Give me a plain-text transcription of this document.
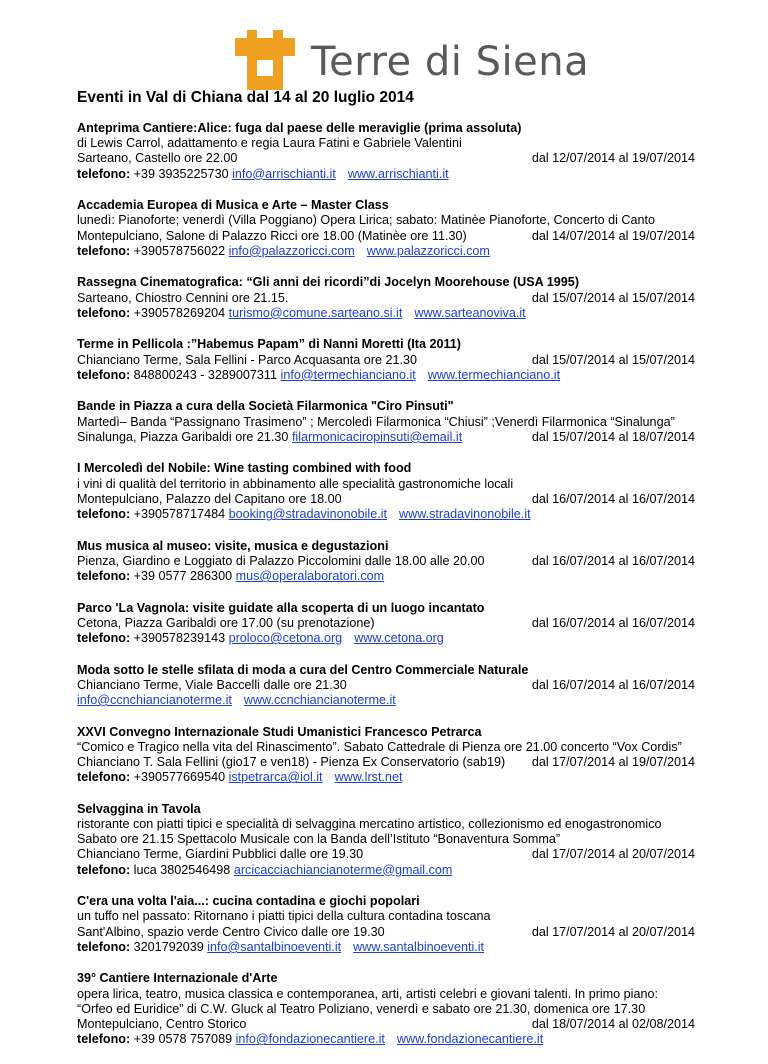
Terre di Siena
Eventi in Val di Chiana dal 14 al 20 luglio 2014
Anteprima Cantiere:Alice: fuga dal paese delle meraviglie (prima assoluta)
di Lewis Carrol, adattamento e regia Laura Fatini e Gabriele Valentini
Sarteano, Castello ore 22.00	dal 12/07/2014 al 19/07/2014
telefono: +39 3935225730 info@arrischianti.it www.arrischianti.it
Accademia Europea di Musica e Arte – Master Class
lunedì: Pianoforte; venerdì (Villa Poggiano) Opera Lirica; sabato: Matinèe Pianoforte, Concerto di Canto
Montepulciano, Salone di Palazzo Ricci ore 18.00 (Matinèe ore 11.30)	dal 14/07/2014 al 19/07/2014
telefono: +390578756022 info@palazzoricci.com www.palazzoricci.com
Rassegna Cinematografica: “Gli anni dei ricordi”di Jocelyn Moorehouse (USA 1995)
Sarteano, Chiostro Cennini ore 21.15.	dal 15/07/2014 al 15/07/2014
telefono: +390578269204 turismo@comune.sarteano.si.it www.sarteanoviva.it
Terme in Pellicola :”Habemus Papam” di Nanni Moretti (Ita 2011)
Chianciano Terme, Sala Fellini - Parco Acquasanta ore 21.30	dal 15/07/2014 al 15/07/2014
telefono: 848800243 - 3289007311 info@termechianciano.it www.termechianciano.it
Bande in Piazza a cura della Società Filarmonica "Ciro Pinsuti"
Martedì– Banda “Passignano Trasimeno” ; Mercoledì Filarmonica “Chiusi” ;Venerdì Filarmonica “Sinalunga”
Sinalunga, Piazza Garibaldi ore 21.30 filarmonicaciropinsuti@email.it	dal 15/07/2014 al 18/07/2014
I Mercoledì del Nobile: Wine tasting combined with food
i vini di qualità del territorio in abbinamento alle specialità gastronomiche locali
Montepulciano, Palazzo del Capitano ore 18.00	dal 16/07/2014 al 16/07/2014
telefono: +390578717484 booking@stradavinonobile.it www.stradavinonobile.it
Mus musica al museo: visite, musica e degustazioni
Pienza, Giardino e Loggiato di Palazzo Piccolomini dalle 18.00 alle 20.00	dal 16/07/2014 al 16/07/2014
telefono: +39 0577 286300 mus@operalaboratori.com
Parco 'La Vagnola: visite guidate alla scoperta di un luogo incantato
Cetona, Piazza Garibaldi ore 17.00 (su prenotazione)	dal 16/07/2014 al 16/07/2014
telefono: +390578239143 proloco@cetona.org www.cetona.org
Moda sotto le stelle sfilata di moda a cura del Centro Commerciale Naturale
Chianciano Terme, Viale Baccelli dalle ore 21.30	dal 16/07/2014 al 16/07/2014
info@ccnchiancianoterme.it www.ccnchiancianoterme.it
XXVI Convegno Internazionale Studi Umanistici Francesco Petrarca
“Comico e Tragico nella vita del Rinascimento”. Sabato Cattedrale di Pienza ore 21.00 concerto “Vox Cordis”
Chianciano T. Sala Fellini (gio17 e ven18) - Pienza Ex Conservatorio (sab19) dal 17/07/2014 al 19/07/2014
telefono: +390577669540 istpetrarca@iol.it www.lrst.net
Selvaggina in Tavola
ristorante con piatti tipici e specialità di selvaggina mercatino artistico, collezionismo ed enogastronomico
Sabato ore 21.15 Spettacolo Musicale con la Banda dell’Istituto “Bonaventura Somma”
Chianciano Terme, Giardini Pubblici dalle ore 19.30	dal 17/07/2014 al 20/07/2014
telefono: luca 3802546498 arcicacciachiancianoterme@gmail.com
C'era una volta l'aia...: cucina contadina e giochi popolari
un tuffo nel passato: Ritornano i piatti tipici della cultura contadina toscana
Sant'Albino, spazio verde Centro Civico dalle ore 19.30	dal 17/07/2014 al 20/07/2014
telefono: 3201792039 info@santalbinoeventi.it www.santalbinoeventi.it
39° Cantiere Internazionale d'Arte
opera lirica, teatro, musica classica e contemporanea, arti, artisti celebri e giovani talenti. In primo piano:
“Orfeo ed Euridice” di C.W. Gluck al Teatro Poliziano, venerdì e sabato ore 21.30, domenica ore 17.30
Montepulciano, Centro Storico	dal 18/07/2014 al 02/08/2014
telefono: +39 0578 757089 info@fondazionecantiere.it www.fondazionecantiere.it
